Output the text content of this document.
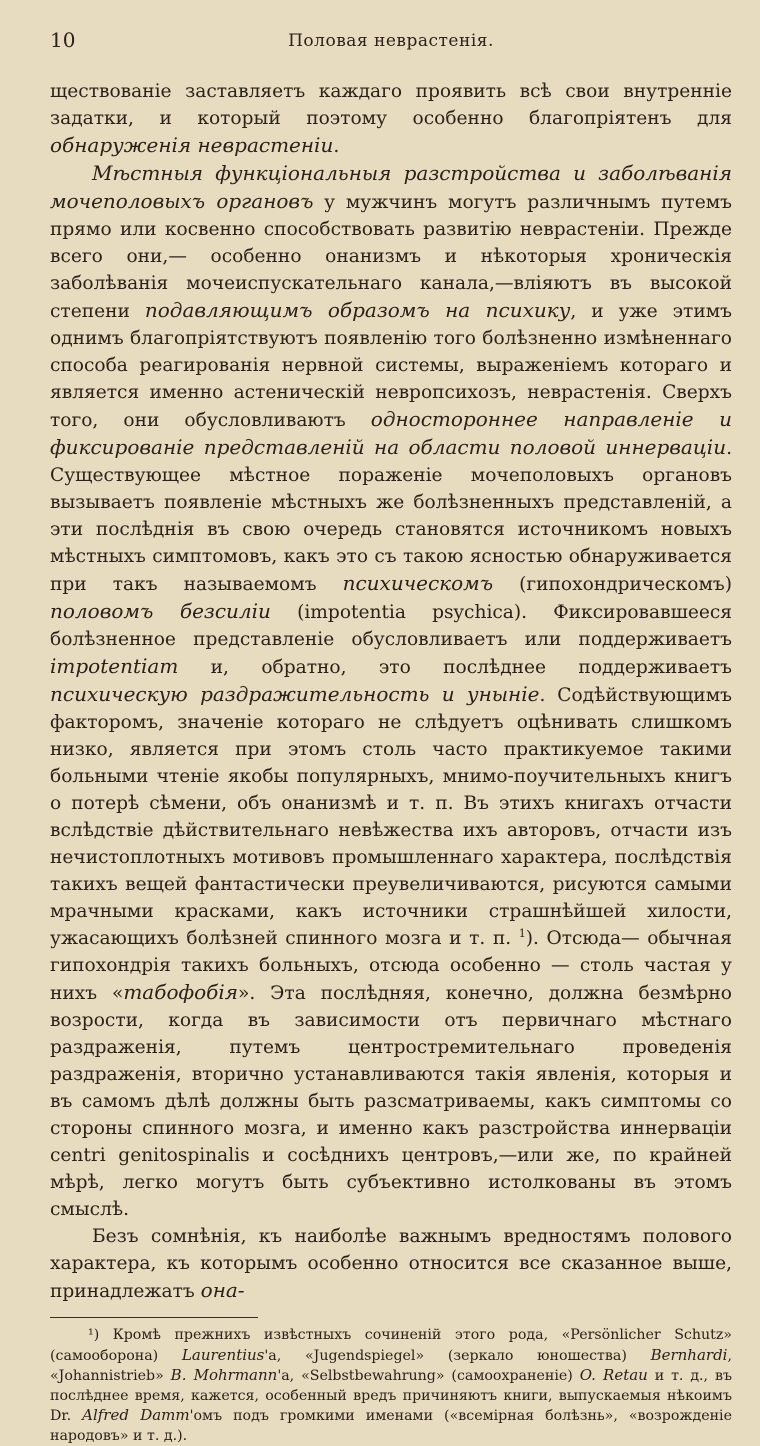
10	Половая неврастенія.

ществованіе заставляетъ каждаго проявить всѣ свои внутренніе задатки, и который поэтому особенно благопріятенъ для обнаруженія неврастеніи.

Мѣстныя функціональныя разстройства и заболѣванія мочеполовыхъ органовъ у мужчинъ могутъ различнымъ путемъ прямо или косвенно способствовать развитію неврастеніи. Прежде всего они,— особенно онанизмъ и нѣкоторыя хроническія заболѣванія мочеиспускательнаго канала,—вліяютъ въ высокой степени подавляющимъ образомъ на психику, и уже этимъ однимъ благопріятствуютъ появленію того болѣзненно измѣненнаго способа реагированія нервной системы, выраженіемъ котораго и является именно астеническій невропсихозъ, неврастенія. Сверхъ того, они обусловливаютъ одностороннее направленіе и фиксированіе представленій на области половой иннерваціи. Существующее мѣстное пораженіе мочеполовыхъ органовъ вызываетъ появленіе мѣстныхъ же болѣзненныхъ представленій, а эти послѣднія въ свою очередь становятся источникомъ новыхъ мѣстныхъ симптомовъ, какъ это съ такою ясностью обнаруживается при такъ называемомъ психическомъ (гипохондрическомъ) половомъ безсиліи (impotentia psychica). Фиксировавшееся болѣзненное представленіе обусловливаетъ или поддерживаетъ impotentiam и, обратно, это послѣднее поддерживаетъ психическую раздражительность и уныніе. Содѣйствующимъ факторомъ, значеніе котораго не слѣдуетъ оцѣнивать слишкомъ низко, является при этомъ столь часто практикуемое такими больными чтеніе якобы популярныхъ, мнимо-поучительныхъ книгъ о потерѣ сѣмени, объ онанизмѣ и т. п. Въ этихъ книгахъ отчасти вслѣдствіе дѣйствительнаго невѣжества ихъ авторовъ, отчасти изъ нечистоплотныхъ мотивовъ промышленнаго характера, послѣдствія такихъ вещей фантастически преувеличиваются, рисуются самыми мрачными красками, какъ источники страшнѣйшей хилости, ужасающихъ болѣзней спинного мозга и т. п. $^1$). Отсюда— обычная гипохондрія такихъ больныхъ, отсюда особенно — столь частая у нихъ «табофобія». Эта послѣдняя, конечно, должна безмѣрно возрости, когда въ зависимости отъ первичнаго мѣстнаго раздраженія, путемъ центростремительнаго проведенія раздраженія, вторично устанавливаются такія явленія, которыя и въ самомъ дѣлѣ должны быть разсматриваемы, какъ симптомы со стороны спинного мозга, и именно какъ разстройства иннерваціи centri genitospinalis и сосѣднихъ центровъ,—или же, по крайней мѣрѣ, легко могутъ быть субъективно истолкованы въ этомъ смыслѣ.

Безъ сомнѣнія, къ наиболѣе важнымъ вредностямъ полового характера, къ которымъ особенно относится все сказанное выше, принадлежатъ она-

¹) Кромѣ прежнихъ извѣстныхъ сочиненій этого рода, «Persönlicher Schutz» (самооборона) Laurentius'а, «Jugendspiegel» (зеркало юношества) Bernhardi, «Johannistrieb» B. Mohrmann'а, «Selbstbewahrung» (самоохраненіе) O. Retau и т. д., въ послѣднее время, кажется, особенный вредъ причиняютъ книги, выпускаемыя нѣкоимъ Dr. Alfred Damm'омъ подъ громкими именами («всемірная болѣзнь», «возрожденіе народовъ» и т. д.).
